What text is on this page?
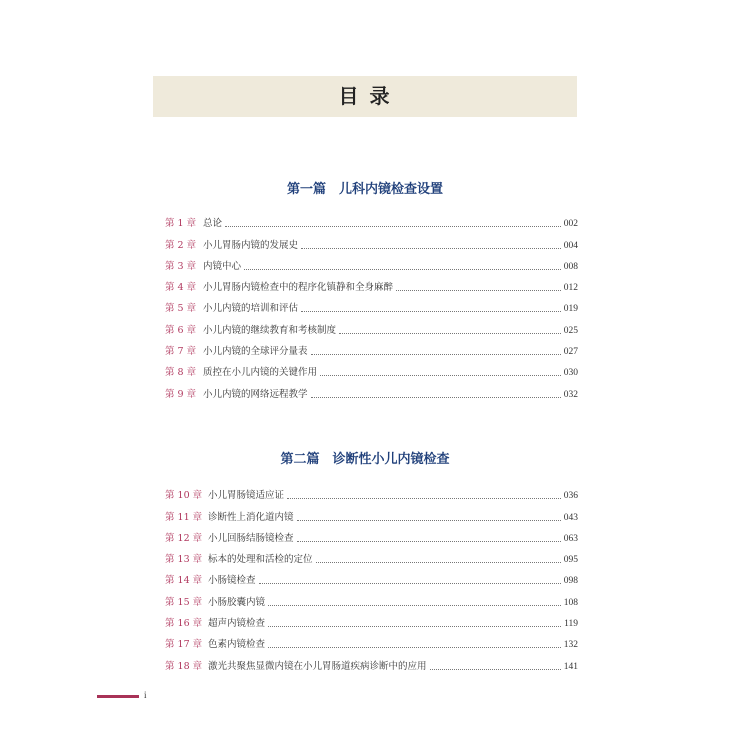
目 录
第一篇　儿科内镜检查设置
第 1 章 总论	002
第 2 章 小儿胃肠内镜的发展史	004
第 3 章 内镜中心	008
第 4 章 小儿胃肠内镜检查中的程序化镇静和全身麻醉	012
第 5 章 小儿内镜的培训和评估	019
第 6 章 小儿内镜的继续教育和考核制度	025
第 7 章 小儿内镜的全球评分量表	027
第 8 章 质控在小儿内镜的关键作用	030
第 9 章 小儿内镜的网络远程教学	032
第二篇　诊断性小儿内镜检查
第 10 章 小儿胃肠镜适应证	036
第 11 章 诊断性上消化道内镜	043
第 12 章 小儿回肠结肠镜检查	063
第 13 章 标本的处理和活检的定位	095
第 14 章 小肠镜检查	098
第 15 章 小肠胶囊内镜	108
第 16 章 超声内镜检查	119
第 17 章 色素内镜检查	132
第 18 章 激光共聚焦显微内镜在小儿胃肠道疾病诊断中的应用	141
i
